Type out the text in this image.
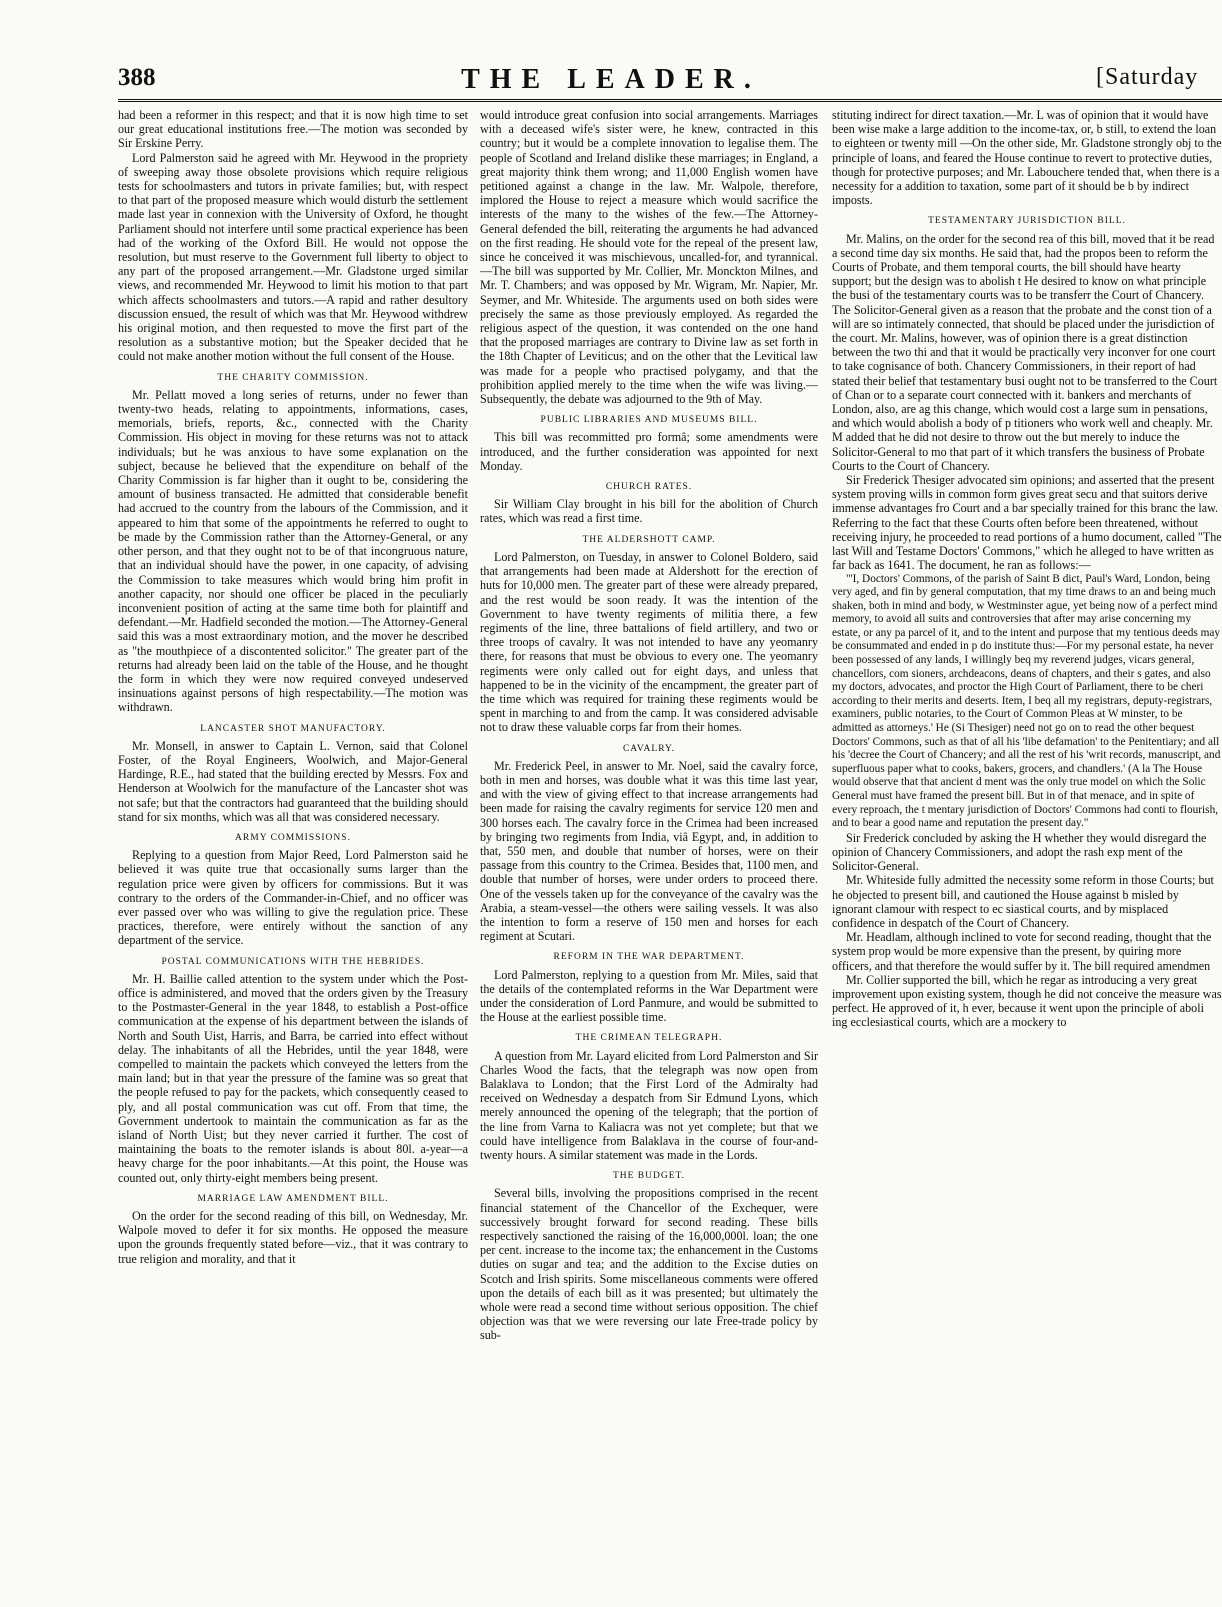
388	THE LEADER.	[Saturday

had been a reformer in this respect; and that it is now high time to set our great educational institutions free.—The motion was seconded by Sir Erskine Perry.

Lord Palmerston said he agreed with Mr. Heywood in the propriety of sweeping away those obsolete provisions which require religious tests for schoolmasters and tutors in private families; but, with respect to that part of the proposed measure which would disturb the settlement made last year in connexion with the University of Oxford, he thought Parliament should not interfere until some practical experience has been had of the working of the Oxford Bill. He would not oppose the resolution, but must reserve to the Government full liberty to object to any part of the proposed arrangement.—Mr. Gladstone urged similar views, and recommended Mr. Heywood to limit his motion to that part which affects schoolmasters and tutors.—A rapid and rather desultory discussion ensued, the result of which was that Mr. Heywood withdrew his original motion, and then requested to move the first part of the resolution as a substantive motion; but the Speaker decided that he could not make another motion without the full consent of the House.

THE CHARITY COMMISSION.

Mr. Pellatt moved a long series of returns, under no fewer than twenty-two heads, relating to appointments, informations, cases, memorials, briefs, reports, &c., connected with the Charity Commission. His object in moving for these returns was not to attack individuals; but he was anxious to have some explanation on the subject, because he believed that the expenditure on behalf of the Charity Commission is far higher than it ought to be, considering the amount of business transacted. He admitted that considerable benefit had accrued to the country from the labours of the Commission, and it appeared to him that some of the appointments he referred to ought to be made by the Commission rather than the Attorney-General, or any other person, and that they ought not to be of that incongruous nature, that an individual should have the power, in one capacity, of advising the Commission to take measures which would bring him profit in another capacity, nor should one officer be placed in the peculiarly inconvenient position of acting at the same time both for plaintiff and defendant.—Mr. Hadfield seconded the motion.—The Attorney-General said this was a most extraordinary motion, and the mover he described as "the mouthpiece of a discontented solicitor." The greater part of the returns had already been laid on the table of the House, and he thought the form in which they were now required conveyed undeserved insinuations against persons of high respectability.—The motion was withdrawn.

LANCASTER SHOT MANUFACTORY.

Mr. Monsell, in answer to Captain L. Vernon, said that Colonel Foster, of the Royal Engineers, Woolwich, and Major-General Hardinge, R.E., had stated that the building erected by Messrs. Fox and Henderson at Woolwich for the manufacture of the Lancaster shot was not safe; but that the contractors had guaranteed that the building should stand for six months, which was all that was considered necessary.

ARMY COMMISSIONS.

Replying to a question from Major Reed, Lord Palmerston said he believed it was quite true that occasionally sums larger than the regulation price were given by officers for commissions. But it was contrary to the orders of the Commander-in-Chief, and no officer was ever passed over who was willing to give the regulation price. These practices, therefore, were entirely without the sanction of any department of the service.

POSTAL COMMUNICATIONS WITH THE HEBRIDES.

Mr. H. Baillie called attention to the system under which the Post-office is administered, and moved that the orders given by the Treasury to the Postmaster-General in the year 1848, to establish a Post-office communication at the expense of his department between the islands of North and South Uist, Harris, and Barra, be carried into effect without delay. The inhabitants of all the Hebrides, until the year 1848, were compelled to maintain the packets which conveyed the letters from the main land; but in that year the pressure of the famine was so great that the people refused to pay for the packets, which consequently ceased to ply, and all postal communication was cut off. From that time, the Government undertook to maintain the communication as far as the island of North Uist; but they never carried it further. The cost of maintaining the boats to the remoter islands is about 80l. a-year—a heavy charge for the poor inhabitants.—At this point, the House was counted out, only thirty-eight members being present.

MARRIAGE LAW AMENDMENT BILL.

On the order for the second reading of this bill, on Wednesday, Mr. Walpole moved to defer it for six months. He opposed the measure upon the grounds frequently stated before—viz., that it was contrary to true religion and morality, and that it

would introduce great confusion into social arrangements. Marriages with a deceased wife's sister were, he knew, contracted in this country; but it would be a complete innovation to legalise them. The people of Scotland and Ireland dislike these marriages; in England, a great majority think them wrong; and 11,000 English women have petitioned against a change in the law. Mr. Walpole, therefore, implored the House to reject a measure which would sacrifice the interests of the many to the wishes of the few.—The Attorney-General defended the bill, reiterating the arguments he had advanced on the first reading. He should vote for the repeal of the present law, since he conceived it was mischievous, uncalled-for, and tyrannical.—The bill was supported by Mr. Collier, Mr. Monckton Milnes, and Mr. T. Chambers; and was opposed by Mr. Wigram, Mr. Napier, Mr. Seymer, and Mr. Whiteside. The arguments used on both sides were precisely the same as those previously employed. As regarded the religious aspect of the question, it was contended on the one hand that the proposed marriages are contrary to Divine law as set forth in the 18th Chapter of Leviticus; and on the other that the Levitical law was made for a people who practised polygamy, and that the prohibition applied merely to the time when the wife was living.—Subsequently, the debate was adjourned to the 9th of May.

PUBLIC LIBRARIES AND MUSEUMS BILL.

This bill was recommitted pro formâ; some amendments were introduced, and the further consideration was appointed for next Monday.

CHURCH RATES.

Sir William Clay brought in his bill for the abolition of Church rates, which was read a first time.

THE ALDERSHOTT CAMP.

Lord Palmerston, on Tuesday, in answer to Colonel Boldero, said that arrangements had been made at Aldershott for the erection of huts for 10,000 men. The greater part of these were already prepared, and the rest would be soon ready. It was the intention of the Government to have twenty regiments of militia there, a few regiments of the line, three battalions of field artillery, and two or three troops of cavalry. It was not intended to have any yeomanry there, for reasons that must be obvious to every one. The yeomanry regiments were only called out for eight days, and unless that happened to be in the vicinity of the encampment, the greater part of the time which was required for training these regiments would be spent in marching to and from the camp. It was considered advisable not to draw these valuable corps far from their homes.

CAVALRY.

Mr. Frederick Peel, in answer to Mr. Noel, said the cavalry force, both in men and horses, was double what it was this time last year, and with the view of giving effect to that increase arrangements had been made for raising the cavalry regiments for service 120 men and 300 horses each. The cavalry force in the Crimea had been increased by bringing two regiments from India, viâ Egypt, and, in addition to that, 550 men, and double that number of horses, were on their passage from this country to the Crimea. Besides that, 1100 men, and double that number of horses, were under orders to proceed there. One of the vessels taken up for the conveyance of the cavalry was the Arabia, a steam-vessel—the others were sailing vessels. It was also the intention to form a reserve of 150 men and horses for each regiment at Scutari.

REFORM IN THE WAR DEPARTMENT.

Lord Palmerston, replying to a question from Mr. Miles, said that the details of the contemplated reforms in the War Department were under the consideration of Lord Panmure, and would be submitted to the House at the earliest possible time.

THE CRIMEAN TELEGRAPH.

A question from Mr. Layard elicited from Lord Palmerston and Sir Charles Wood the facts, that the telegraph was now open from Balaklava to London; that the First Lord of the Admiralty had received on Wednesday a despatch from Sir Edmund Lyons, which merely announced the opening of the telegraph; that the portion of the line from Varna to Kaliacra was not yet complete; but that we could have intelligence from Balaklava in the course of four-and-twenty hours. A similar statement was made in the Lords.

THE BUDGET.

Several bills, involving the propositions comprised in the recent financial statement of the Chancellor of the Exchequer, were successively brought forward for second reading. These bills respectively sanctioned the raising of the 16,000,000l. loan; the one per cent. increase to the income tax; the enhancement in the Customs duties on sugar and tea; and the addition to the Excise duties on Scotch and Irish spirits. Some miscellaneous comments were offered upon the details of each bill as it was presented; but ultimately the whole were read a second time without serious opposition. The chief objection was that we were reversing our late Free-trade policy by sub-

stituting indirect for direct taxation.—Mr. L was of opinion that it would have been wise make a large addition to the income-tax, or, b still, to extend the loan to eighteen or twenty mill —On the other side, Mr. Gladstone strongly obj to the principle of loans, and feared the House continue to revert to protective duties, though for protective purposes; and Mr. Labouchere tended that, when there is a necessity for a addition to taxation, some part of it should be b by indirect imposts.

TESTAMENTARY JURISDICTION BILL.

Mr. Malins, on the order for the second rea of this bill, moved that it be read a second time day six months. He said that, had the propos been to reform the Courts of Probate, and them temporal courts, the bill should have hearty support; but the design was to abolish t He desired to know on what principle the busi of the testamentary courts was to be transferr the Court of Chancery. The Solicitor-General given as a reason that the probate and the const tion of a will are so intimately connected, that should be placed under the jurisdiction of the court. Mr. Malins, however, was of opinion there is a great distinction between the two thi and that it would be practically very inconver for one court to take cognisance of both. Chancery Commissioners, in their report of had stated their belief that testamentary busi ought not to be transferred to the Court of Chan or to a separate court connected with it. bankers and merchants of London, also, are ag this change, which would cost a large sum in pensations, and which would abolish a body of p titioners who work well and cheaply. Mr. M added that he did not desire to throw out the but merely to induce the Solicitor-General to mo that part of it which transfers the business of Probate Courts to the Court of Chancery.

Sir Frederick Thesiger advocated sim opinions; and asserted that the present system proving wills in common form gives great secu and that suitors derive immense advantages fro Court and a bar specially trained for this branc the law. Referring to the fact that these Courts often before been threatened, without receiving injury, he proceeded to read portions of a humo document, called "The last Will and Testame Doctors' Commons," which he alleged to have written as far back as 1641. The document, he ran as follows:—

"'I, Doctors' Commons, of the parish of Saint B dict, Paul's Ward, London, being very aged, and fin by general computation, that my time draws to an and being much shaken, both in mind and body, w Westminster ague, yet being now of a perfect mind memory, to avoid all suits and controversies that after may arise concerning my estate, or any pa parcel of it, and to the intent and purpose that my tentious deeds may be consummated and ended in p do institute thus:—For my personal estate, ha never been possessed of any lands, I willingly beq my reverend judges, vicars general, chancellors, com sioners, archdeacons, deans of chapters, and their s gates, and also my doctors, advocates, and proctor the High Court of Parliament, there to be cheri according to their merits and deserts. Item, I beq all my registrars, deputy-registrars, examiners, public notaries, to the Court of Common Pleas at W minster, to be admitted as attorneys.' He (Si Thesiger) need not go on to read the other bequest Doctors' Commons, such as that of all his 'libe defamation' to the Penitentiary; and all his 'decree the Court of Chancery; and all the rest of his 'writ records, manuscript, and superfluous paper what to cooks, bakers, grocers, and chandlers.' (A la The House would observe that that ancient d ment was the only true model on which the Solic General must have framed the present bill. But in of that menace, and in spite of every reproach, the t mentary jurisdiction of Doctors' Commons had conti to flourish, and to bear a good name and reputation the present day."

Sir Frederick concluded by asking the H whether they would disregard the opinion of Chancery Commissioners, and adopt the rash exp ment of the Solicitor-General.

Mr. Whiteside fully admitted the necessity some reform in those Courts; but he objected to present bill, and cautioned the House against b misled by ignorant clamour with respect to ec siastical courts, and by misplaced confidence in despatch of the Court of Chancery.

Mr. Headlam, although inclined to vote for second reading, thought that the system prop would be more expensive than the present, by quiring more officers, and that therefore the would suffer by it. The bill required amendmen

Mr. Collier supported the bill, which he regar as introducing a very great improvement upon existing system, though he did not conceive the measure was perfect. He approved of it, h ever, because it went upon the principle of aboli ing ecclesiastical courts, which are a mockery to
